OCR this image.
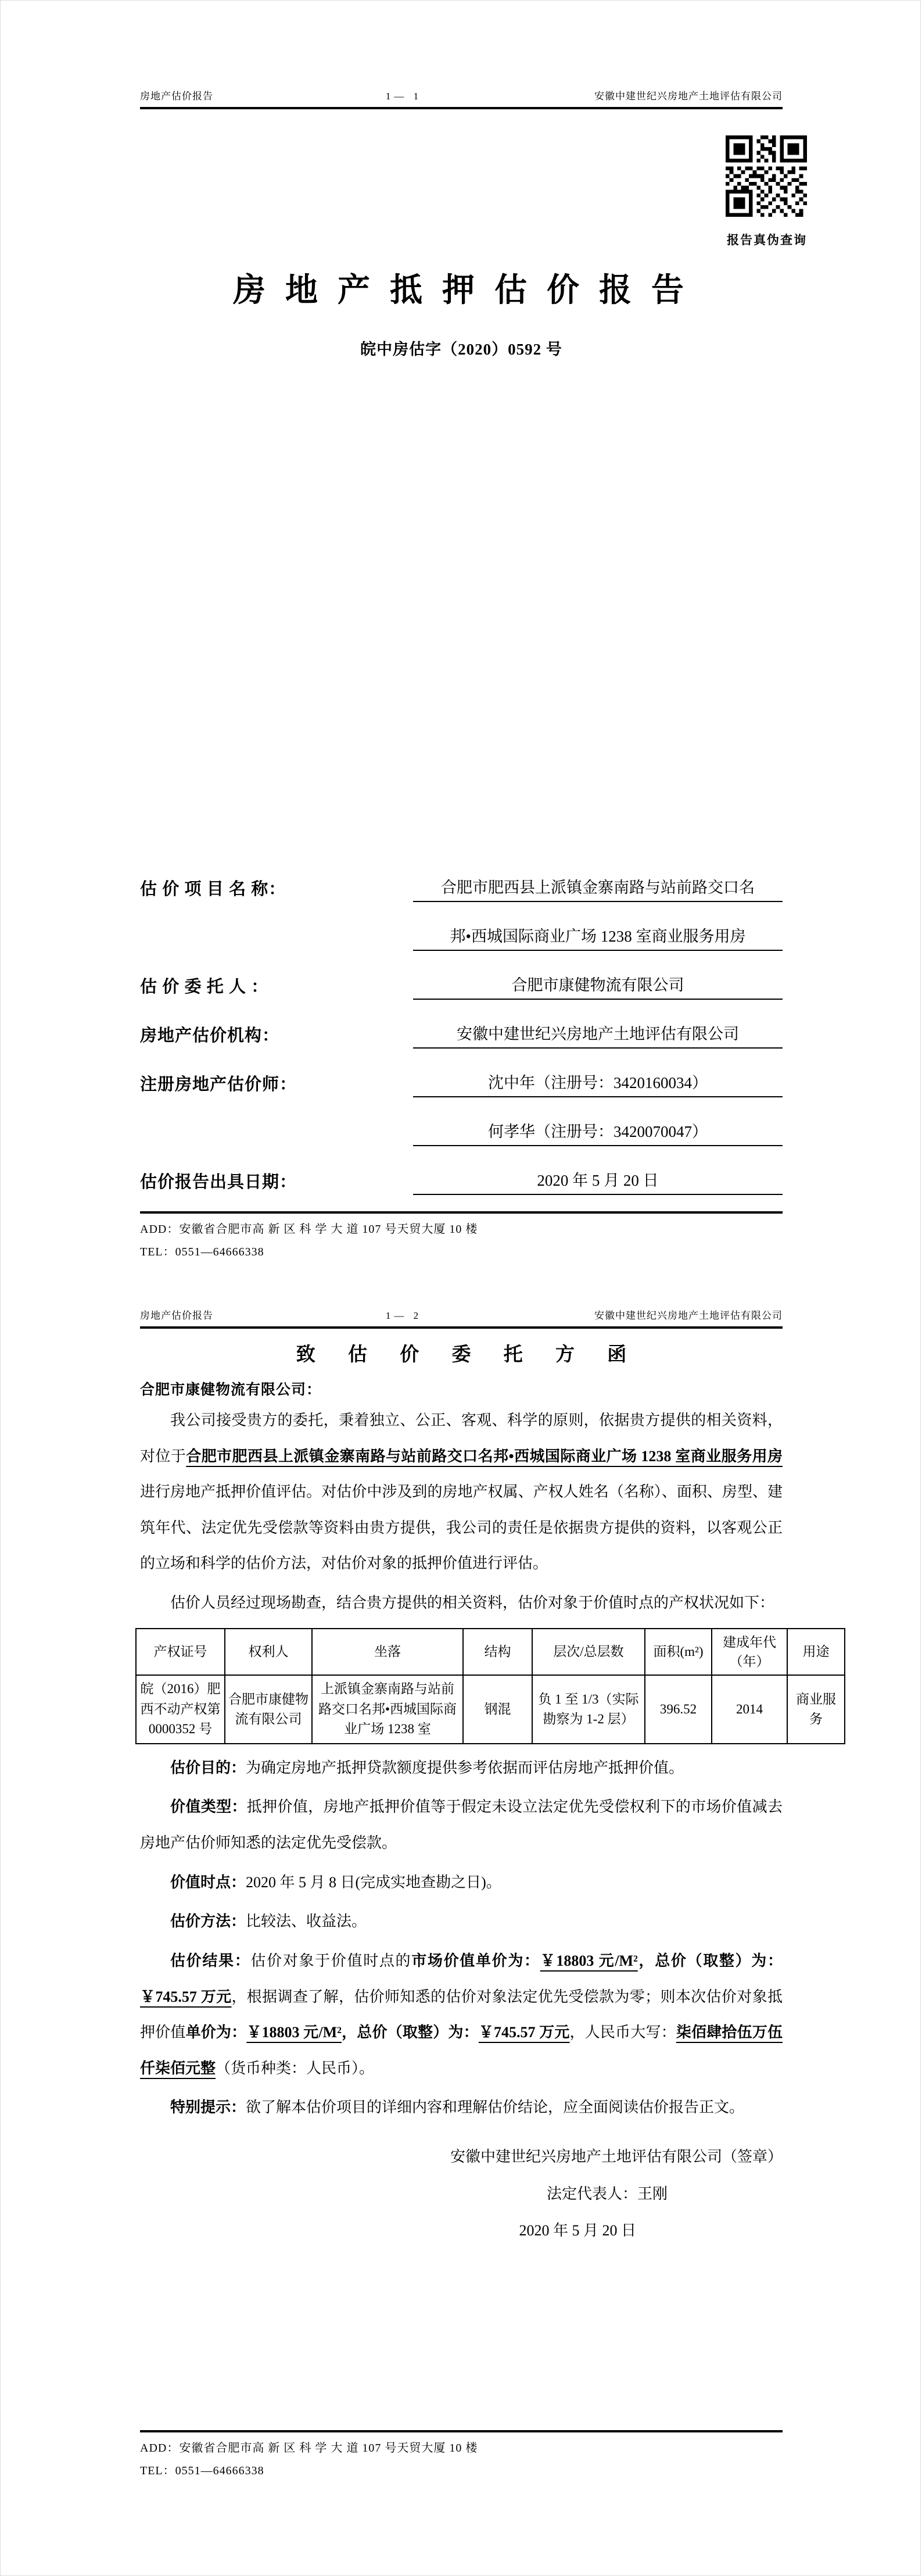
房地产估价报告	1— 1	安徽中建世纪兴房地产土地评估有限公司
报告真伪查询
房 地 产 抵 押 估 价 报 告
皖中房估字（2020）0592 号
估 价 项 目 名 称：	合肥市肥西县上派镇金寨南路与站前路交口名
邦•西城国际商业广场 1238 室商业服务用房
估 价 委 托 人 ：	合肥市康健物流有限公司
房地产估价机构：	安徽中建世纪兴房地产土地评估有限公司
注册房地产估价师：	沈中年（注册号：3420160034）
何孝华（注册号：3420070047）
估价报告出具日期：	2020 年 5 月 20 日
ADD：安徽省合肥市高 新 区 科 学 大 道 107 号天贸大厦 10 楼
TEL：0551—64666338
房地产估价报告	1— 2	安徽中建世纪兴房地产土地评估有限公司
致 估 价 委 托 方 函
合肥市康健物流有限公司：

我公司接受贵方的委托，秉着独立、公正、客观、科学的原则，依据贵方提供的相关资料，对位于合肥市肥西县上派镇金寨南路与站前路交口名邦•西城国际商业广场 1238 室商业服务用房进行房地产抵押价值评估。对估价中涉及到的房地产权属、产权人姓名（名称）、面积、房型、建筑年代、法定优先受偿款等资料由贵方提供，我公司的责任是依据贵方提供的资料，以客观公正的立场和科学的估价方法，对估价对象的抵押价值进行评估。

估价人员经过现场勘查，结合贵方提供的相关资料，估价对象于价值时点的产权状况如下：

产权证号	权利人	坐落	结构	层次/总层数	面积(m²)	建成年代（年）	用途
皖（2016）肥西不动产权第0000352 号	合肥市康健物流有限公司	上派镇金寨南路与站前路交口名邦•西城国际商业广场 1238 室	钢混	负 1 至 1/3（实际勘察为 1-2 层）	396.52	2014	商业服务

估价目的：为确定房地产抵押贷款额度提供参考依据而评估房地产抵押价值。

价值类型：抵押价值，房地产抵押价值等于假定未设立法定优先受偿权利下的市场价值减去房地产估价师知悉的法定优先受偿款。

价值时点：2020 年 5 月 8 日(完成实地查勘之日)。

估价方法：比较法、收益法。

估价结果：估价对象于价值时点的市场价值单价为：￥18803 元/M²，总价（取整）为：￥745.57 万元，根据调查了解，估价师知悉的估价对象法定优先受偿款为零；则本次估价对象抵押价值单价为：￥18803 元/M²，总价（取整）为：￥745.57 万元，人民币大写：柒佰肆拾伍万伍仟柒佰元整（货币种类：人民币）。

特别提示：欲了解本估价项目的详细内容和理解估价结论，应全面阅读估价报告正文。

安徽中建世纪兴房地产土地评估有限公司（签章）
法定代表人：王刚
2020 年 5 月 20 日
ADD：安徽省合肥市高 新 区 科 学 大 道 107 号天贸大厦 10 楼
TEL：0551—64666338
